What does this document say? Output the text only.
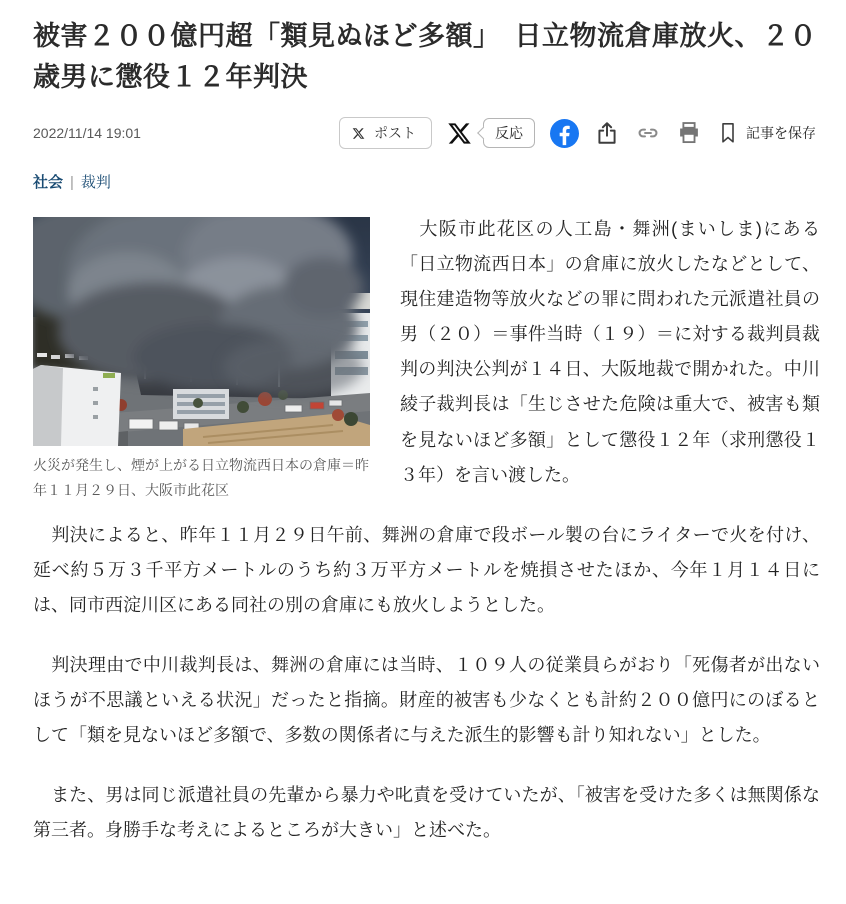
被害２００億円超「類見ぬほど多額」　日立物流倉庫放火、２０歳男に懲役１２年判決
2022/11/14 19:01	ポスト	反応	記事を保存
社会 | 裁判
火災が発生し、煙が上がる日立物流西日本の倉庫＝昨年１１月２９日、大阪市此花区

　大阪市此花区の人工島・舞洲(まいしま)にある「日立物流西日本」の倉庫に放火したなどとして、現住建造物等放火などの罪に問われた元派遣社員の男（２０）＝事件当時（１９）＝に対する裁判員裁判の判決公判が１４日、大阪地裁で開かれた。中川綾子裁判長は「生じさせた危険は重大で、被害も類を見ないほど多額」として懲役１２年（求刑懲役１３年）を言い渡した。

　判決によると、昨年１１月２９日午前、舞洲の倉庫で段ボール製の台にライターで火を付け、延べ約５万３千平方メートルのうち約３万平方メートルを焼損させたほか、今年１月１４日には、同市西淀川区にある同社の別の倉庫にも放火しようとした。

　判決理由で中川裁判長は、舞洲の倉庫には当時、１０９人の従業員らがおり「死傷者が出ないほうが不思議といえる状況」だったと指摘。財産的被害も少なくとも計約２００億円にのぼるとして「類を見ないほど多額で、多数の関係者に与えた派生的影響も計り知れない」とした。

　また、男は同じ派遣社員の先輩から暴力や叱責を受けていたが、「被害を受けた多くは無関係な第三者。身勝手な考えによるところが大きい」と述べた。
